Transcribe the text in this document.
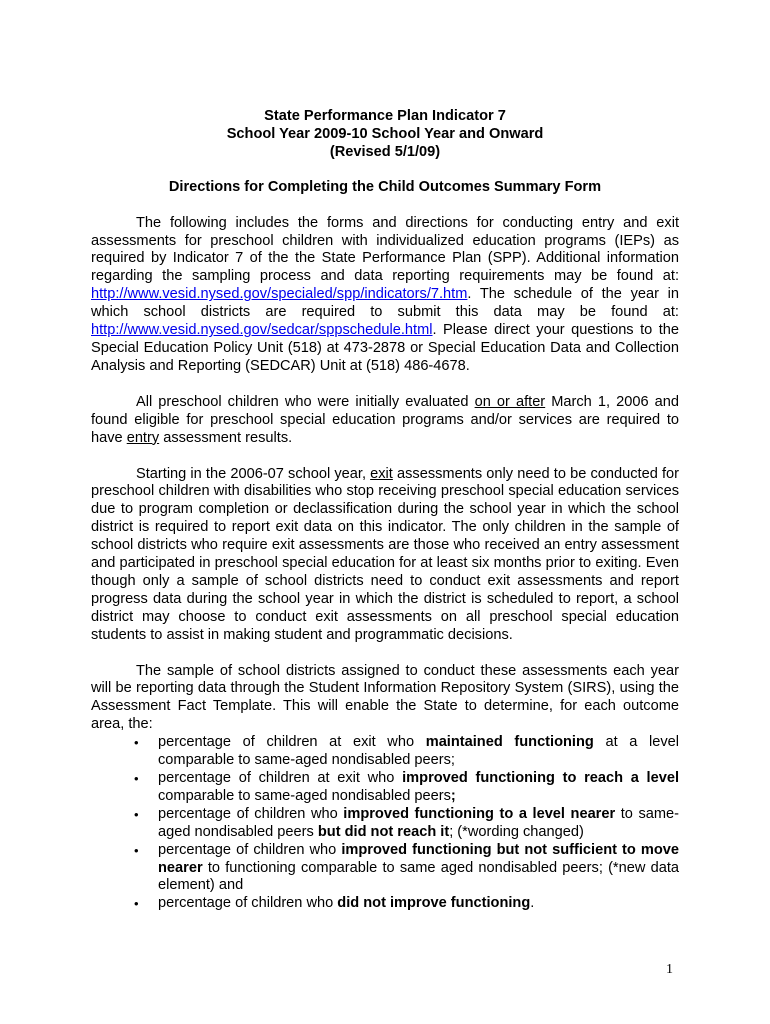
State Performance Plan Indicator 7
School Year 2009-10 School Year and Onward
(Revised 5/1/09)
Directions for Completing the Child Outcomes Summary Form

The following includes the forms and directions for conducting entry and exit assessments for preschool children with individualized education programs (IEPs) as required by Indicator 7 of the the State Performance Plan (SPP). Additional information regarding the sampling process and data reporting requirements may be found at: http://www.vesid.nysed.gov/specialed/spp/indicators/7.htm. The schedule of the year in which school districts are required to submit this data may be found at: http://www.vesid.nysed.gov/sedcar/sppschedule.html. Please direct your questions to the Special Education Policy Unit (518) at 473-2878 or Special Education Data and Collection Analysis and Reporting (SEDCAR) Unit at (518) 486-4678.

All preschool children who were initially evaluated on or after March 1, 2006 and found eligible for preschool special education programs and/or services are required to have entry assessment results.

Starting in the 2006-07 school year, exit assessments only need to be conducted for preschool children with disabilities who stop receiving preschool special education services due to program completion or declassification during the school year in which the school district is required to report exit data on this indicator. The only children in the sample of school districts who require exit assessments are those who received an entry assessment and participated in preschool special education for at least six months prior to exiting. Even though only a sample of school districts need to conduct exit assessments and report progress data during the school year in which the district is scheduled to report, a school district may choose to conduct exit assessments on all preschool special education students to assist in making student and programmatic decisions.

The sample of school districts assigned to conduct these assessments each year will be reporting data through the Student Information Repository System (SIRS), using the Assessment Fact Template. This will enable the State to determine, for each outcome area, the:

• percentage of children at exit who maintained functioning at a level comparable to same-aged nondisabled peers;
• percentage of children at exit who improved functioning to reach a level comparable to same-aged nondisabled peers;
• percentage of children who improved functioning to a level nearer to same-aged nondisabled peers but did not reach it; (*wording changed)
• percentage of children who improved functioning but not sufficient to move nearer to functioning comparable to same aged nondisabled peers; (*new data element) and
• percentage of children who did not improve functioning.
1
